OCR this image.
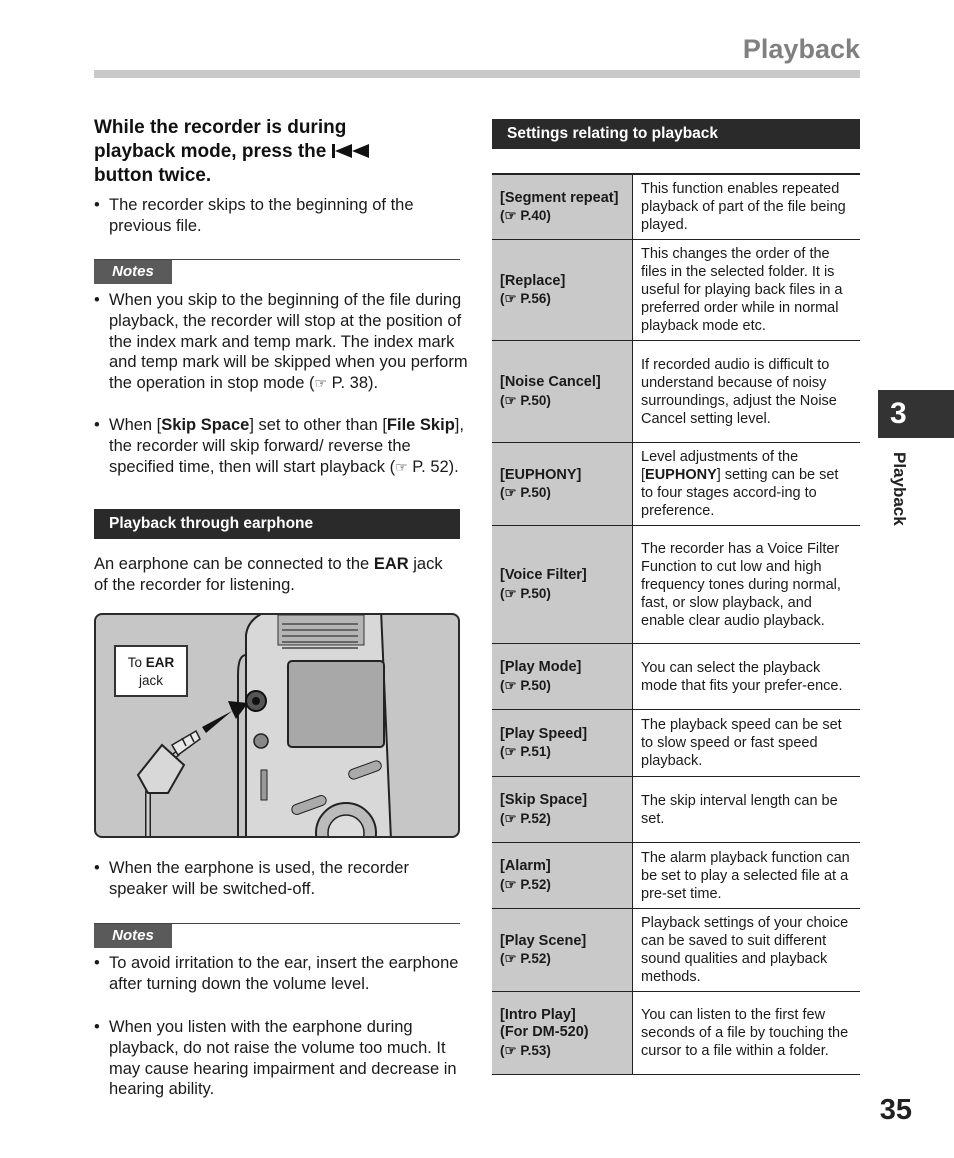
Playback
While the recorder is during
playback mode, press the
button twice.
• The recorder skips to the beginning of the previous file.
Notes
• When you skip to the beginning of the file during playback, the recorder will stop at the position of the index mark and temp mark. The index mark and temp mark will be skipped when you perform the operation in stop mode (☞ P. 38).
• When [Skip Space] set to other than [File Skip], the recorder will skip forward/ reverse the specified time, then will start playback (☞ P. 52).
Playback through earphone
An earphone can be connected to the EAR jack of the recorder for listening.
To EAR
jack
• When the earphone is used, the recorder speaker will be switched-off.
Notes
• To avoid irritation to the ear, insert the earphone after turning down the volume level.
• When you listen with the earphone during playback, do not raise the volume too much. It may cause hearing impairment and decrease in hearing ability.
Settings relating to playback
[Segment repeat]
(☞ P.40)
This function enables repeated playback of part of the file being played.
[Replace]
(☞ P.56)
This changes the order of the files in the selected folder. It is useful for playing back files in a preferred order while in normal playback mode etc.
[Noise Cancel]
(☞ P.50)
If recorded audio is difficult to understand because of noisy surroundings, adjust the Noise Cancel setting level.
[EUPHONY]
(☞ P.50)
Level adjustments of the [EUPHONY] setting can be set to four stages accord-ing to preference.
[Voice Filter]
(☞ P.50)
The recorder has a Voice Filter Function to cut low and high frequency tones during normal, fast, or slow playback, and enable clear audio playback.
[Play Mode]
(☞ P.50)
You can select the playback mode that fits your prefer-ence.
[Play Speed]
(☞ P.51)
The playback speed can be set to slow speed or fast speed playback.
[Skip Space]
(☞ P.52)
The skip interval length can be set.
[Alarm]
(☞ P.52)
The alarm playback function can be set to play a selected file at a pre-set time.
[Play Scene]
(☞ P.52)
Playback settings of your choice can be saved to suit different sound qualities and playback methods.
[Intro Play]
(For DM-520)
(☞ P.53)
You can listen to the first few seconds of a file by touching the cursor to a file within a folder.
3
Playback
35
